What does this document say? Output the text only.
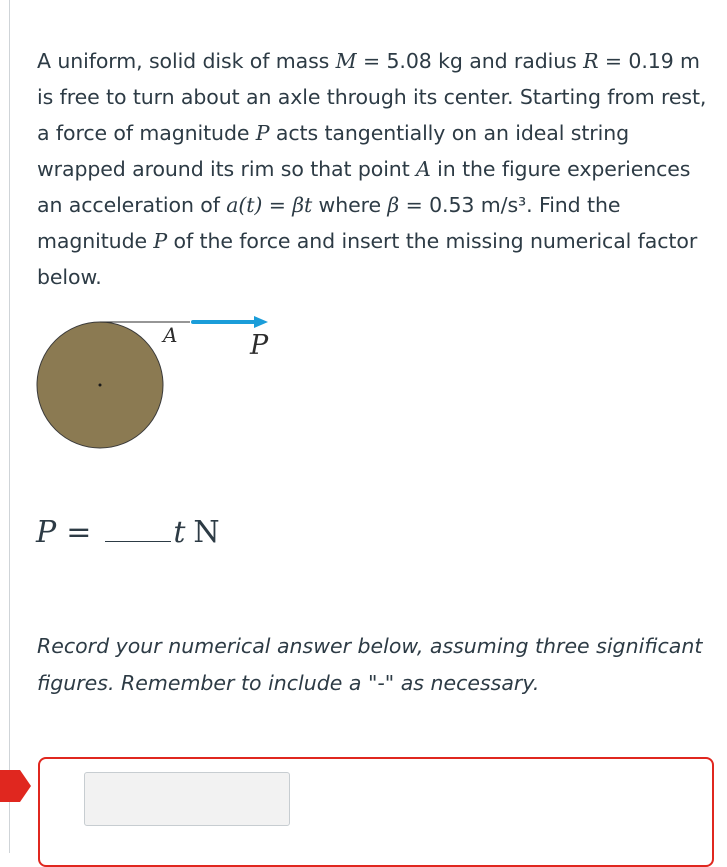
A uniform, solid disk of mass M = 5.08 kg and radius R = 0.19 m is free to turn about an axle through its center. Starting from rest, a force of magnitude P acts tangentially on an ideal string wrapped around its rim so that point A in the figure experiences an acceleration of a(t) = βt where β = 0.53 m/s³. Find the magnitude P of the force and insert the missing numerical factor below.
A	P
P =	t N
Record your numerical answer below, assuming three significant figures. Remember to include a "-" as necessary.
